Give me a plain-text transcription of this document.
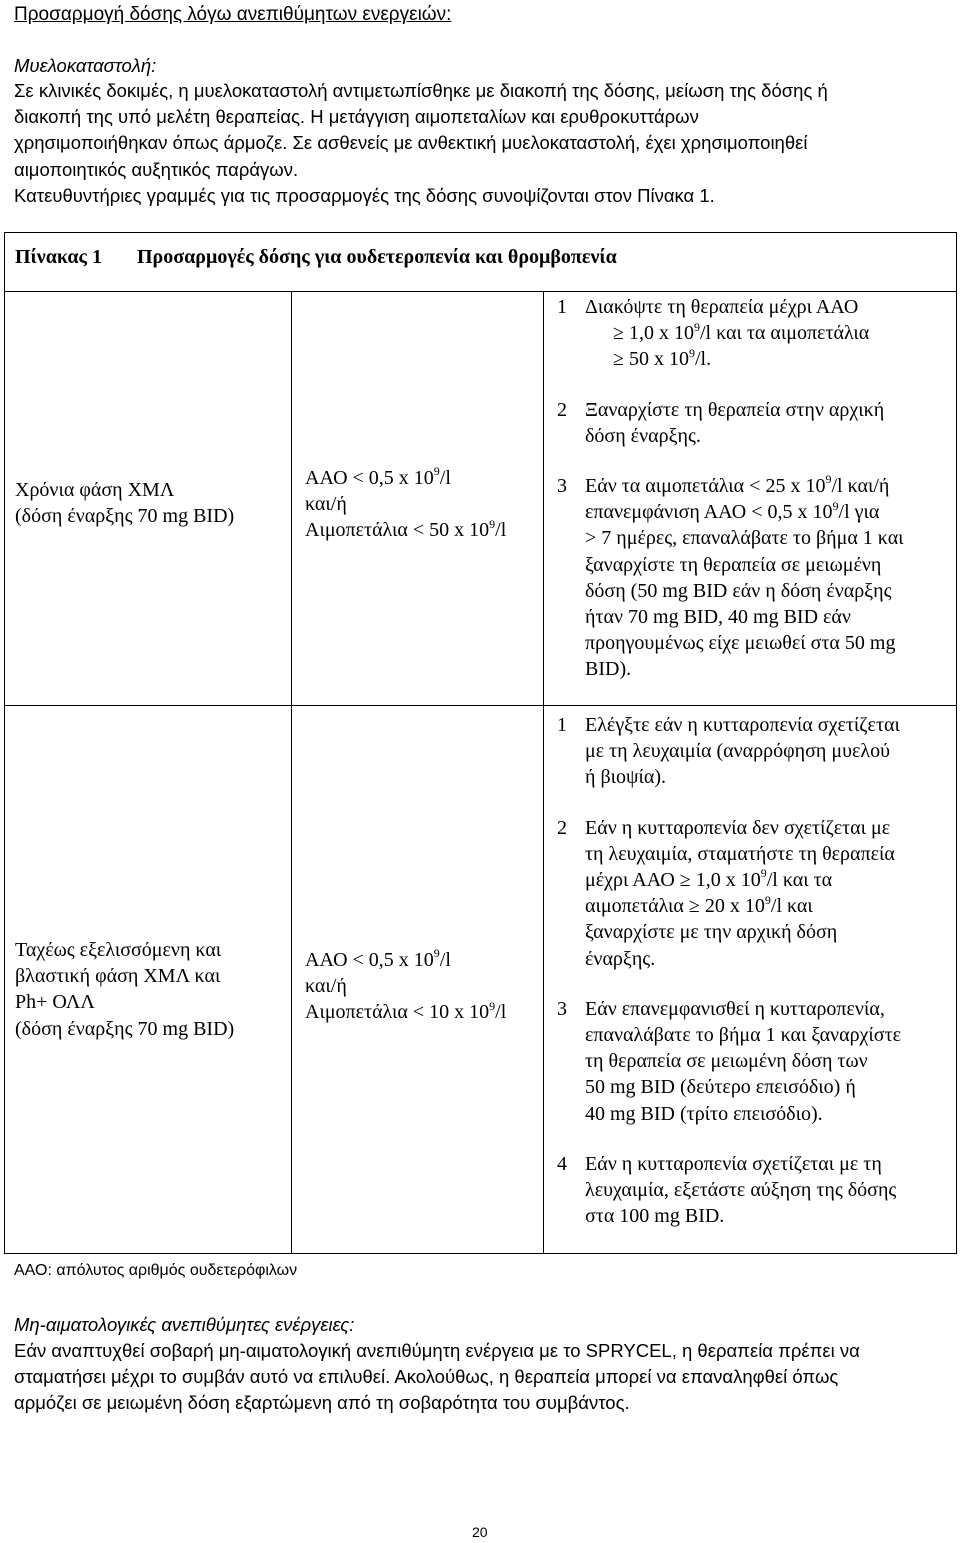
Προσαρμογή δόσης λόγω ανεπιθύμητων ενεργειών:
Μυελοκαταστολή:
Σε κλινικές δοκιμές, η μυελοκαταστολή αντιμετωπίσθηκε με διακοπή της δόσης, μείωση της δόσης ή
διακοπή της υπό μελέτη θεραπείας. Η μετάγγιση αιμοπεταλίων και ερυθροκυττάρων
χρησιμοποιήθηκαν όπως άρμοζε. Σε ασθενείς με ανθεκτική μυελοκαταστολή, έχει χρησιμοποιηθεί
αιμοποιητικός αυξητικός παράγων.
Κατευθυντήριες γραμμές για τις προσαρμογές της δόσης συνοψίζονται στον Πίνακα 1.
Πίνακας 1 Προσαρμογές δόσης για ουδετεροπενία και θρομβοπενία
Χρόνια φάση ΧΜΛ
(δόση έναρξης 70 mg BID)
ΑΑΟ < 0,5 x $10^9/l$
και/ή
Αιμοπετάλια < 50 x $10^9/l$
1 Διακόψτε τη θεραπεία μέχρι ΑΑΟ
≥ 1,0 x $10^9/l$ και τα αιμοπετάλια
≥ 50 x $10^9/l$.
2 Ξαναρχίστε τη θεραπεία στην αρχική
δόση έναρξης.
3 Εάν τα αιμοπετάλια < 25 x $10^9/l$ και/ή
επανεμφάνιση ΑΑΟ < 0,5 x $10^9/l$ για
> 7 ημέρες, επαναλάβατε το βήμα 1 και
ξαναρχίστε τη θεραπεία σε μειωμένη
δόση (50 mg BID εάν η δόση έναρξης
ήταν 70 mg BID, 40 mg BID εάν
προηγουμένως είχε μειωθεί στα 50 mg
BID).
Ταχέως εξελισσόμενη και
βλαστική φάση ΧΜΛ και
Ph+ ΟΛΛ
(δόση έναρξης 70 mg BID)
ΑΑΟ < 0,5 x $10^9/l$
και/ή
Αιμοπετάλια < 10 x $10^9/l$
1 Ελέγξτε εάν η κυτταροπενία σχετίζεται
με τη λευχαιμία (αναρρόφηση μυελού
ή βιοψία).
2 Εάν η κυτταροπενία δεν σχετίζεται με
τη λευχαιμία, σταματήστε τη θεραπεία
μέχρι ΑΑΟ ≥ 1,0 x $10^9/l$ και τα
αιμοπετάλια ≥ 20 x $10^9/l$ και
ξαναρχίστε με την αρχική δόση
έναρξης.
3 Εάν επανεμφανισθεί η κυτταροπενία,
επαναλάβατε το βήμα 1 και ξαναρχίστε
τη θεραπεία σε μειωμένη δόση των
50 mg BID (δεύτερο επεισόδιο) ή
40 mg BID (τρίτο επεισόδιο).
4 Εάν η κυτταροπενία σχετίζεται με τη
λευχαιμία, εξετάστε αύξηση της δόσης
στα 100 mg BID.
ΑΑΟ: απόλυτος αριθμός ουδετερόφιλων
Μη-αιματολογικές ανεπιθύμητες ενέργειες:
Εάν αναπτυχθεί σοβαρή μη-αιματολογική ανεπιθύμητη ενέργεια με το SPRYCEL, η θεραπεία πρέπει να
σταματήσει μέχρι το συμβάν αυτό να επιλυθεί. Ακολούθως, η θεραπεία μπορεί να επαναληφθεί όπως
αρμόζει σε μειωμένη δόση εξαρτώμενη από τη σοβαρότητα του συμβάντος.
20
